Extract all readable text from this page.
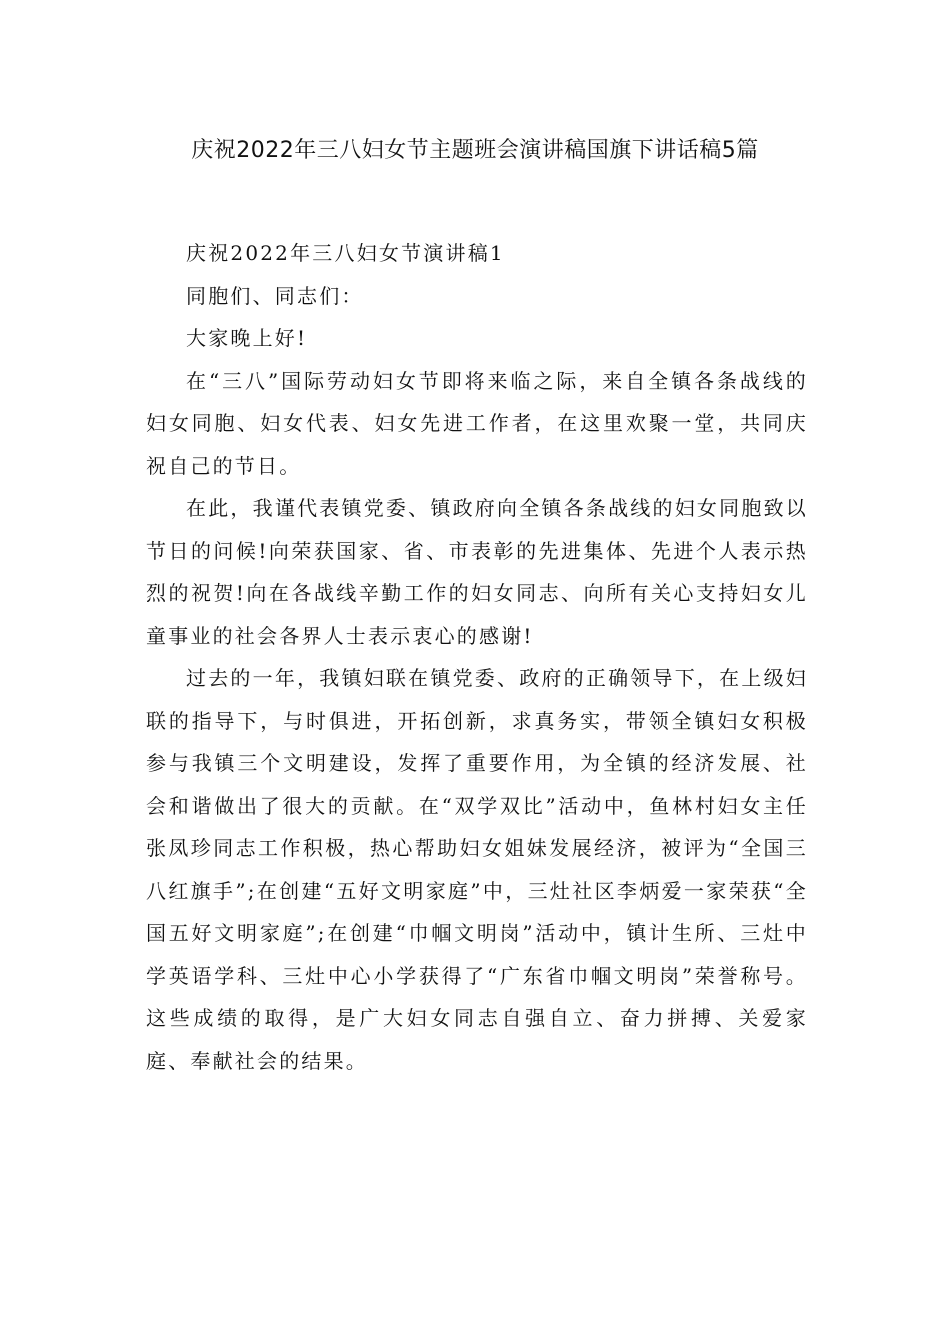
庆祝2022年三八妇女节主题班会演讲稿国旗下讲话稿5篇

庆祝2022年三八妇女节演讲稿1

同胞们、同志们：

大家晚上好!

在“三八”国际劳动妇女节即将来临之际，来自全镇各条战线的妇女同胞、妇女代表、妇女先进工作者，在这里欢聚一堂，共同庆祝自己的节日。

在此，我谨代表镇党委、镇政府向全镇各条战线的妇女同胞致以节日的问候!向荣获国家、省、市表彰的先进集体、先进个人表示热烈的祝贺!向在各战线辛勤工作的妇女同志、向所有关心支持妇女儿童事业的社会各界人士表示衷心的感谢!

过去的一年，我镇妇联在镇党委、政府的正确领导下，在上级妇联的指导下，与时俱进，开拓创新，求真务实，带领全镇妇女积极参与我镇三个文明建设，发挥了重要作用，为全镇的经济发展、社会和谐做出了很大的贡献。在“双学双比”活动中，鱼林村妇女主任张凤珍同志工作积极，热心帮助妇女姐妹发展经济，被评为“全国三八红旗手”;在创建“五好文明家庭”中，三灶社区李炳爱一家荣获“全国五好文明家庭”;在创建“巾帼文明岗”活动中，镇计生所、三灶中学英语学科、三灶中心小学获得了“广东省巾帼文明岗”荣誉称号。这些成绩的取得，是广大妇女同志自强自立、奋力拼搏、关爱家庭、奉献社会的结果。
